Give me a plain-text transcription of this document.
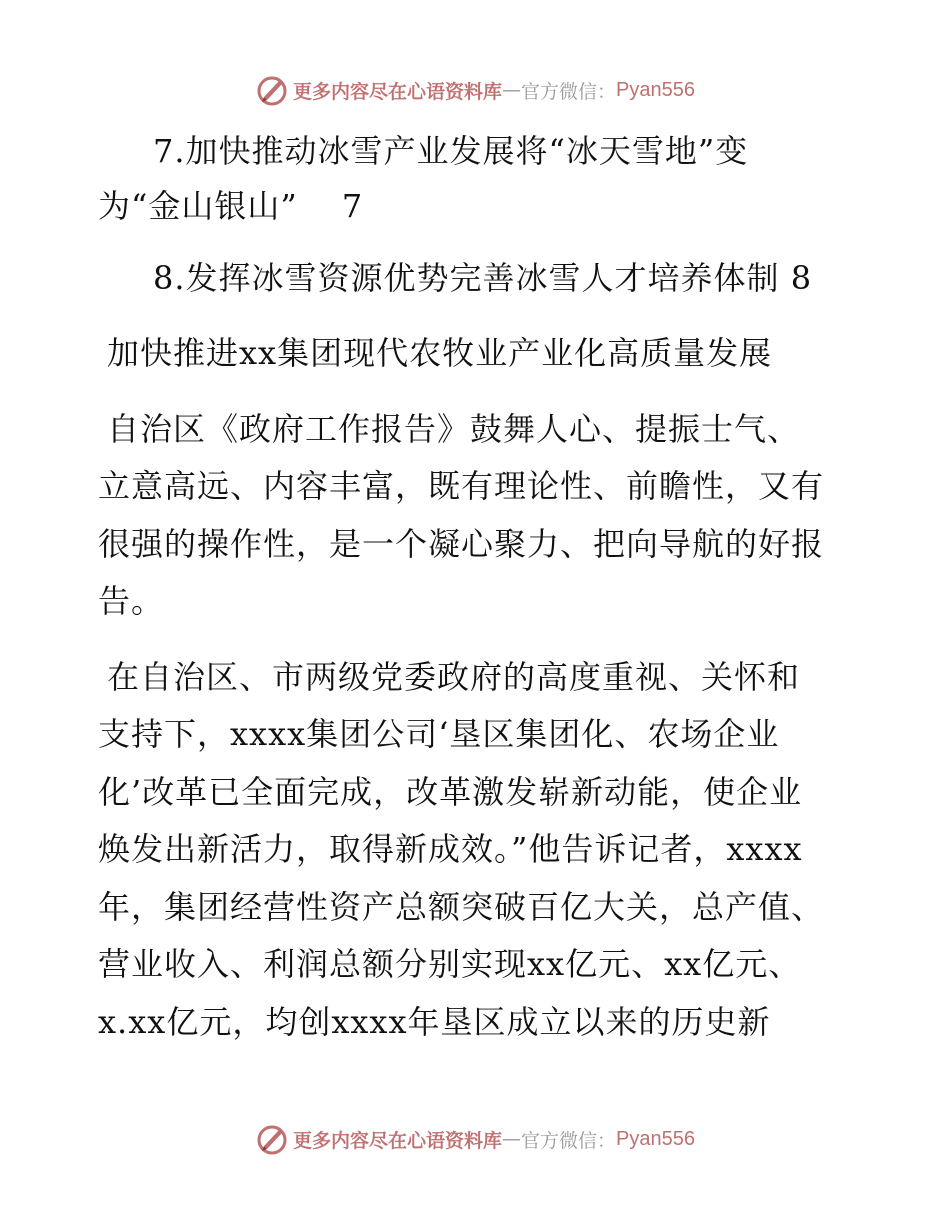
更多内容尽在心语资料库 — 官方微信： Pyan556
7.加快推动冰雪产业发展将“冰天雪地”变
为“金山银山”　 7
8.发挥冰雪资源优势完善冰雪人才培养体制 8
加快推进xx集团现代农牧业产业化高质量发展
自治区《政府工作报告》鼓舞人心、提振士气、
立意高远、内容丰富，既有理论性、前瞻性，又有
很强的操作性，是一个凝心聚力、把向导航的好报
告。
在自治区、市两级党委政府的高度重视、关怀和
支持下，xxxx集团公司‘垦区集团化、农场企业
化’改革已全面完成，改革激发崭新动能，使企业
焕发出新活力，取得新成效。”他告诉记者，xxxx
年，集团经营性资产总额突破百亿大关，总产值、
营业收入、利润总额分别实现xx亿元、xx亿元、
x.xx亿元，均创xxxx年垦区成立以来的历史新
更多内容尽在心语资料库 — 官方微信： Pyan556
